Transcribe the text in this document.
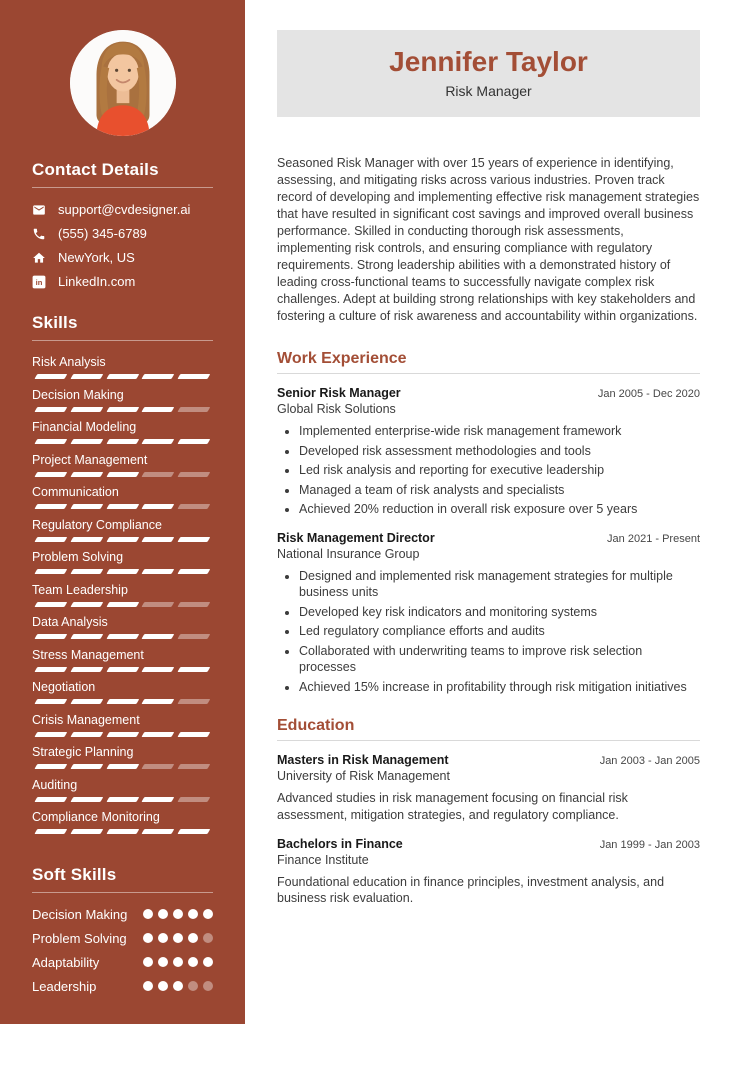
Contact Details
support@cvdesigner.ai
(555) 345-6789
NewYork, US
in LinkedIn.com
Skills
Risk Analysis
Decision Making
Financial Modeling
Project Management
Communication
Regulatory Compliance
Problem Solving
Team Leadership
Data Analysis
Stress Management
Negotiation
Crisis Management
Strategic Planning
Auditing
Compliance Monitoring
Soft Skills
Decision Making
Problem Solving
Adaptability
Leadership
Languages
English	Spanish
Jennifer Taylor

Risk Manager

Seasoned Risk Manager with over 15 years of experience in identifying, assessing, and mitigating risks across various industries. Proven track record of developing and implementing effective risk management strategies that have resulted in significant cost savings and improved overall business performance. Skilled in conducting thorough risk assessments, implementing risk controls, and ensuring compliance with regulatory requirements. Strong leadership abilities with a demonstrated history of leading cross-functional teams to successfully navigate complex risk challenges. Adept at building strong relationships with key stakeholders and fostering a culture of risk awareness and accountability within organizations.

Work Experience
Senior Risk Manager	Jan 2005 - Dec 2020
Global Risk Solutions
• Implemented enterprise-wide risk management framework
• Developed risk assessment methodologies and tools
• Led risk analysis and reporting for executive leadership
• Managed a team of risk analysts and specialists
• Achieved 20% reduction in overall risk exposure over 5 years
Risk Management Director	Jan 2021 - Present
National Insurance Group
• Designed and implemented risk management strategies for multiple business units
• Developed key risk indicators and monitoring systems
• Led regulatory compliance efforts and audits
• Collaborated with underwriting teams to improve risk selection processes
• Achieved 15% increase in profitability through risk mitigation initiatives
Education
Masters in Risk Management	Jan 2003 - Jan 2005
University of Risk Management

Advanced studies in risk management focusing on financial risk assessment, mitigation strategies, and regulatory compliance.

Bachelors in Finance	Jan 1999 - Jan 2003
Finance Institute

Foundational education in finance principles, investment analysis, and business risk evaluation.
